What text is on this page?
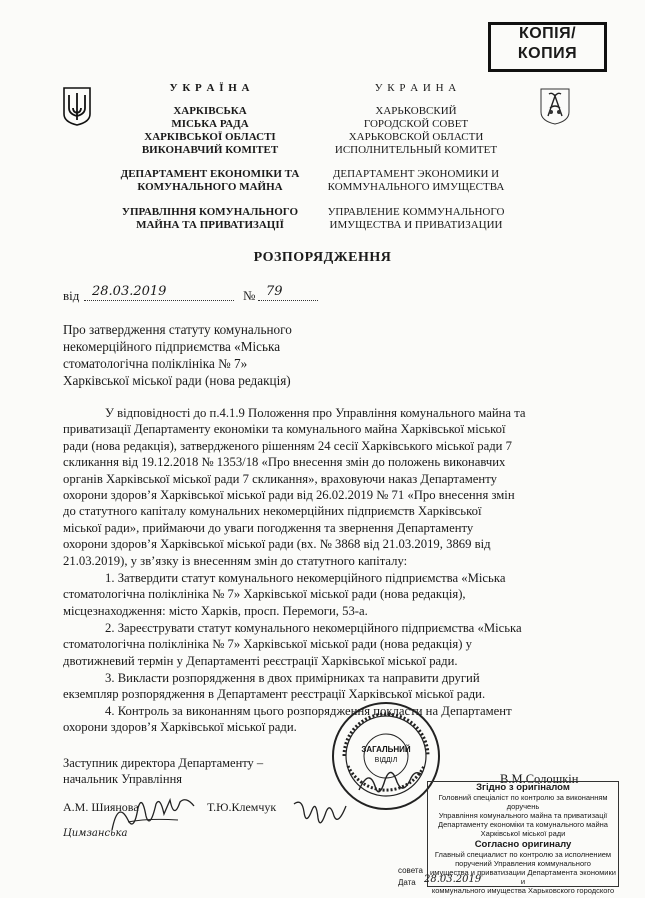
КОПІЯ/
КОПИЯ
У К Р А Ї Н А
ХАРКІВСЬКА
МІСЬКА РАДА
ХАРКІВСЬКОЇ ОБЛАСТІ
ВИКОНАВЧИЙ КОМІТЕТ
ДЕПАРТАМЕНТ ЕКОНОМІКИ ТА
КОМУНАЛЬНОГО МАЙНА
УПРАВЛІННЯ КОМУНАЛЬНОГО
МАЙНА ТА ПРИВАТИЗАЦІЇ
У К Р А И Н А
ХАРЬКОВСКИЙ
ГОРОДСКОЙ СОВЕТ
ХАРЬКОВСКОЙ ОБЛАСТИ
ИСПОЛНИТЕЛЬНЫЙ КОМИТЕТ
ДЕПАРТАМЕНТ ЭКОНОМИКИ И
КОММУНАЛЬНОГО ИМУЩЕСТВА
УПРАВЛЕНИЕ КОММУНАЛЬНОГО
ИМУЩЕСТВА И ПРИВАТИЗАЦИИ
РОЗПОРЯДЖЕННЯ
від 28.03.2019	№ 79
Про затвердження статуту комунального
некомерційного підприємства «Міська
стоматологічна поліклініка № 7»
Харківської міської ради (нова редакція)
У відповідності до п.4.1.9 Положення про Управління комунального майна та
приватизації Департаменту економіки та комунального майна Харківської міської
ради (нова редакція), затвердженого рішенням 24 сесії Харківського міської ради 7
скликання від 19.12.2018 № 1353/18 «Про внесення змін до положень виконавчих
органів Харківської міської ради 7 скликання», враховуючи наказ Департаменту
охорони здоров’я Харківської міської ради від 26.02.2019 № 71 «Про внесення змін
до статутного капіталу комунальних некомерційних підприємств Харківської
міської ради», приймаючи до уваги погодження та звернення Департаменту
охорони здоров’я Харківської міської ради (вх. № 3868 від 21.03.2019, 3869 від
21.03.2019), у зв’язку із внесенням змін до статутного капіталу:
1. Затвердити статут комунального некомерційного підприємства «Міська
стоматологічна поліклініка № 7» Харківської міської ради (нова редакція),
місцезнаходження: місто Харків, просп. Перемоги, 53-а.
2. Зареєструвати статут комунального некомерційного підприємства «Міська
стоматологічна поліклініка № 7» Харківської міської ради (нова редакція) у
двотижневий термін у Департаменті реєстрації Харківської міської ради.
3. Викласти розпорядження в двох примірниках та направити другий
екземпляр розпорядження в Департамент реєстрації Харківської міської ради.
4. Контроль за виконанням цього розпорядження покласти на Департамент
охорони здоров’я Харківської міської ради.
Заступник директора Департаменту –
начальник Управління	В.М.Солошкін
А.М. Шиянова	Т.Ю.Клемчук
Цимзанська
ЗАГАЛЬНИЙ
ВІДДІЛ
Згідно з оригіналом
Головний спеціаліст по контролю за виконанням доручень
Управління комунального майна та приватизації
Департаменту економіки та комунального майна
Харківської міської ради
Согласно оригиналу
Главный специалист по контролю за исполнением
поручений Управления коммунального
имущества и приватизации Департамента экономики и
коммунального имущества Харьковского городского
совета
Дата 28.03.2019
